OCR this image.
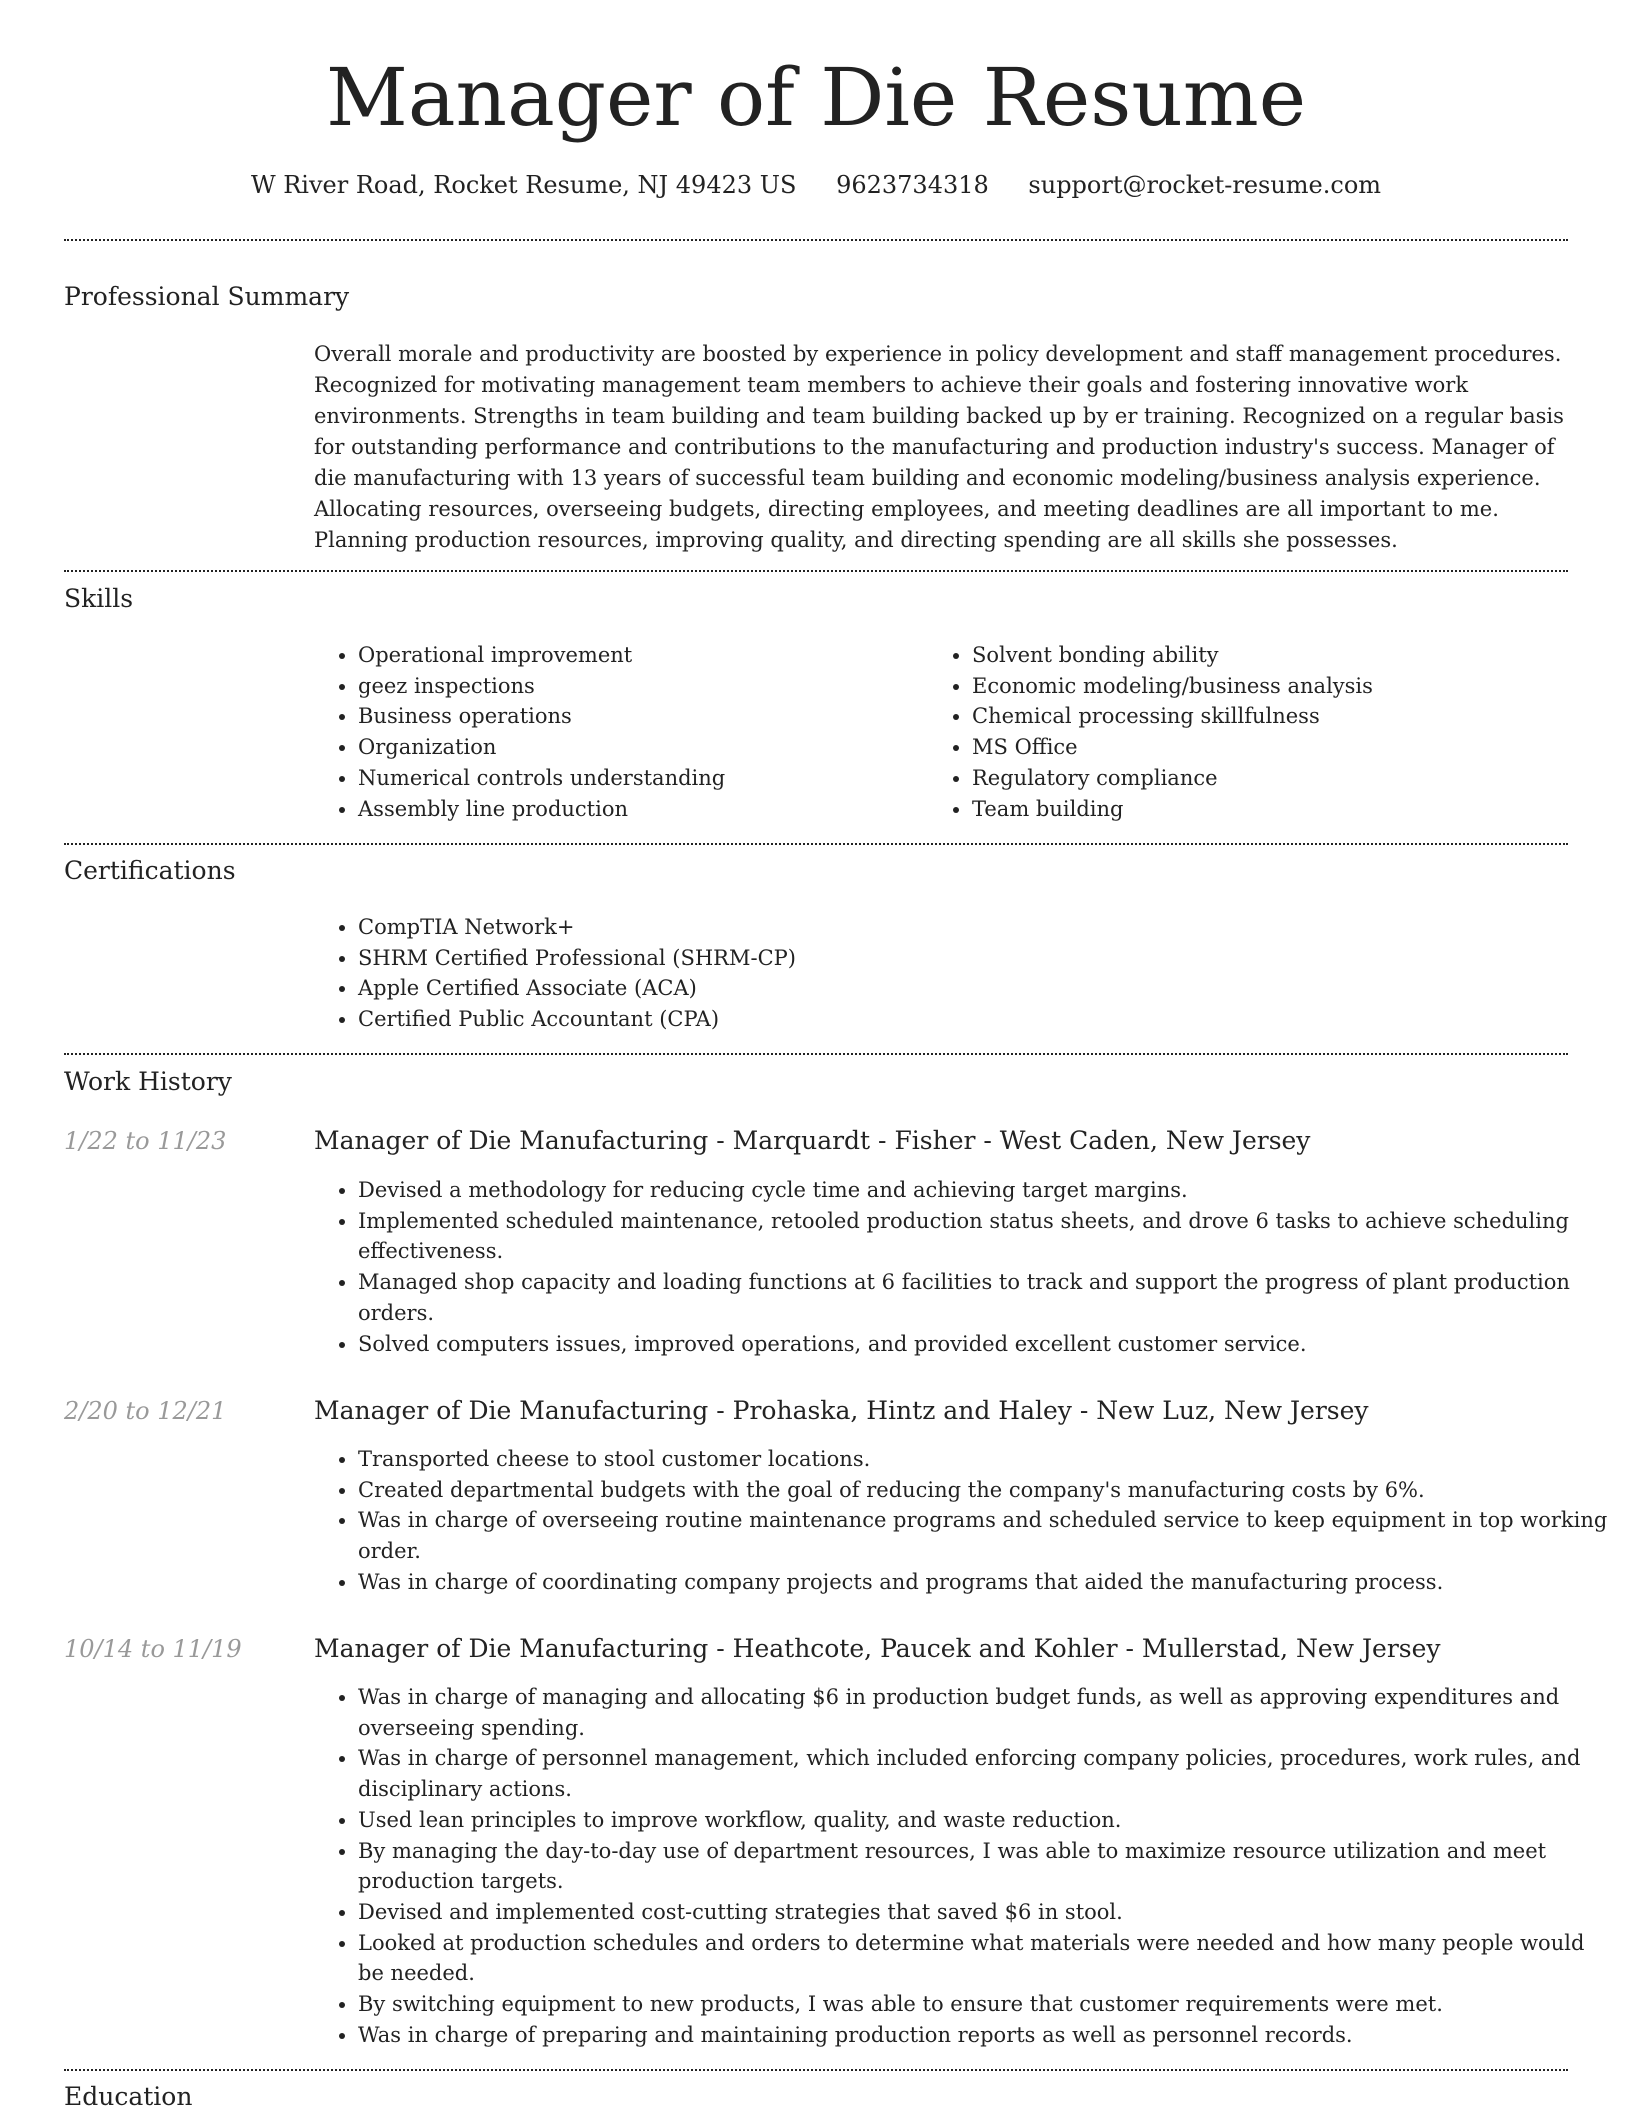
Manager of Die Resume
W River Road, Rocket Resume, NJ 49423 US 9623734318 support@rocket-resume.com
Professional Summary

Overall morale and productivity are boosted by experience in policy development and staff management procedures. Recognized for motivating management team members to achieve their goals and fostering innovative work environments. Strengths in team building and team building backed up by er training. Recognized on a regular basis for outstanding performance and contributions to the manufacturing and production industry's success. Manager of die manufacturing with 13 years of successful team building and economic modeling/business analysis experience. Allocating resources, overseeing budgets, directing employees, and meeting deadlines are all important to me. Planning production resources, improving quality, and directing spending are all skills she possesses.

Skills
• Operational improvement
• geez inspections
• Business operations
• Organization
• Numerical controls understanding
• Assembly line production
• Solvent bonding ability
• Economic modeling/business analysis
• Chemical processing skillfulness
• MS Office
• Regulatory compliance
• Team building
Certifications
• CompTIA Network+
• SHRM Certified Professional (SHRM-CP)
• Apple Certified Associate (ACA)
• Certified Public Accountant (CPA)
Work History
1/22 to 11/23	Manager of Die Manufacturing - Marquardt - Fisher - West Caden, New Jersey
• Devised a methodology for reducing cycle time and achieving target margins.
• Implemented scheduled maintenance, retooled production status sheets, and drove 6 tasks to achieve scheduling effectiveness.
• Managed shop capacity and loading functions at 6 facilities to track and support the progress of plant production orders.
• Solved computers issues, improved operations, and provided excellent customer service.
2/20 to 12/21	Manager of Die Manufacturing - Prohaska, Hintz and Haley - New Luz, New Jersey
• Transported cheese to stool customer locations.
• Created departmental budgets with the goal of reducing the company's manufacturing costs by 6%.
• Was in charge of overseeing routine maintenance programs and scheduled service to keep equipment in top working order.
• Was in charge of coordinating company projects and programs that aided the manufacturing process.
10/14 to 11/19	Manager of Die Manufacturing - Heathcote, Paucek and Kohler - Mullerstad, New Jersey
• Was in charge of managing and allocating $6 in production budget funds, as well as approving expenditures and overseeing spending.
• Was in charge of personnel management, which included enforcing company policies, procedures, work rules, and disciplinary actions.
• Used lean principles to improve workflow, quality, and waste reduction.
• By managing the day-to-day use of department resources, I was able to maximize resource utilization and meet production targets.
• Devised and implemented cost-cutting strategies that saved $6 in stool.
• Looked at production schedules and orders to determine what materials were needed and how many people would be needed.
• By switching equipment to new products, I was able to ensure that customer requirements were met.
• Was in charge of preparing and maintaining production reports as well as personnel records.
Education
